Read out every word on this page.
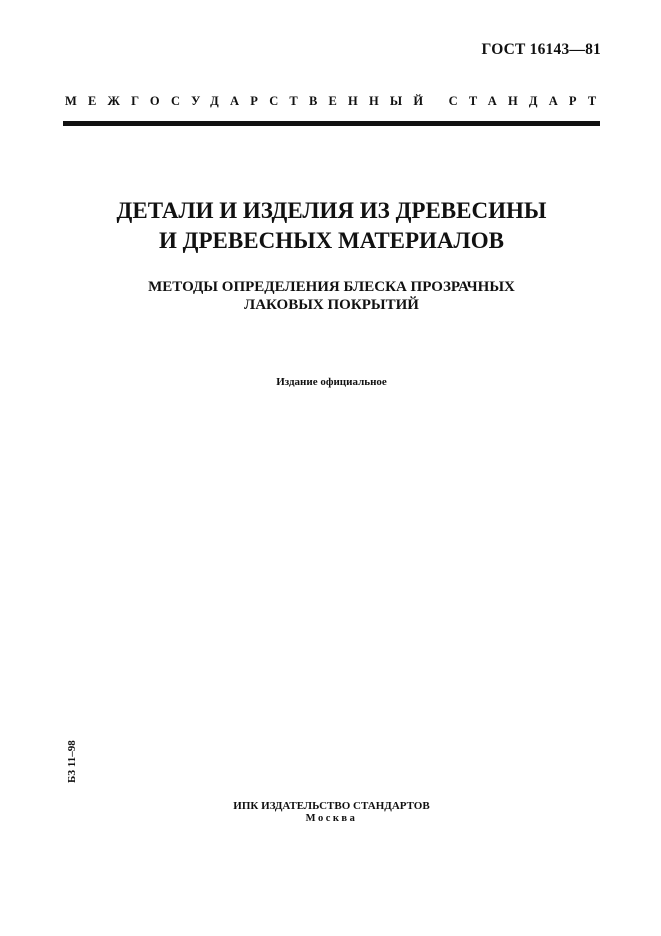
ГОСТ 16143—81
МЕЖГОСУДАРСТВЕННЫЙ СТАНДАРТ
ДЕТАЛИ И ИЗДЕЛИЯ ИЗ ДРЕВЕСИНЫ
И ДРЕВЕСНЫХ МАТЕРИАЛОВ
МЕТОДЫ ОПРЕДЕЛЕНИЯ БЛЕСКА ПРОЗРАЧНЫХ
ЛАКОВЫХ ПОКРЫТИЙ
Издание официальное
БЗ 11–98
ИПК ИЗДАТЕЛЬСТВО СТАНДАРТОВ
Москва
